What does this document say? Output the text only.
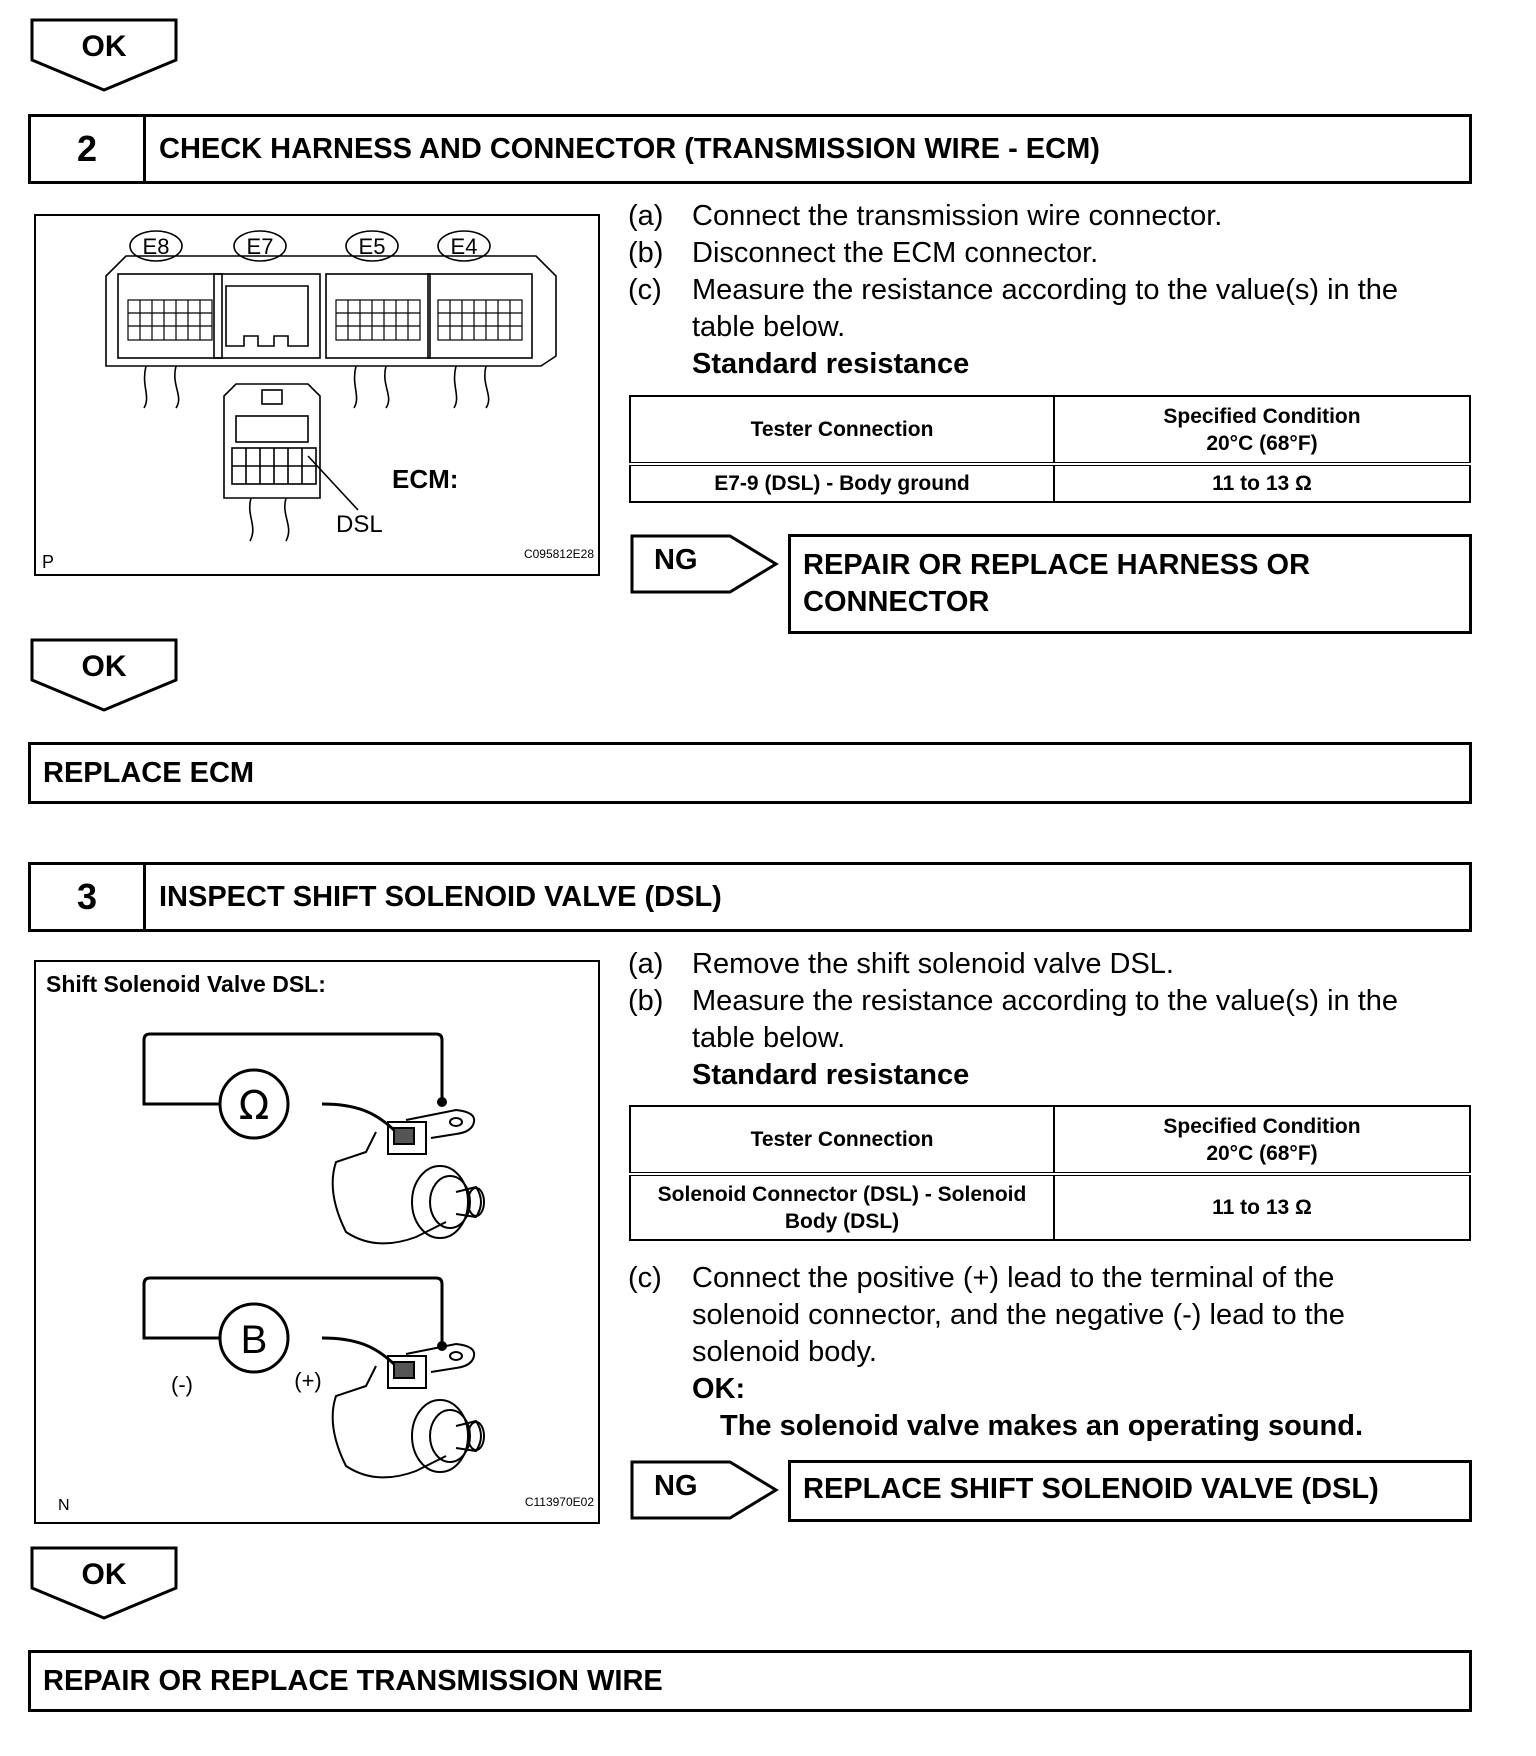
OK
2	CHECK HARNESS AND CONNECTOR (TRANSMISSION WIRE - ECM)
E8	E7	E5	E4
ECM:
DSL
P	C095812E28
(a) Connect the transmission wire connector.
(b) Disconnect the ECM connector.
(c)	Measure the resistance according to the value(s) in the
table below.
Standard resistance
Tester Connection	Specified Condition
20°C (68°F)
E7-9 (DSL) - Body ground	11 to 13 Ω
NG	REPAIR OR REPLACE HARNESS OR
CONNECTOR
OK
REPLACE ECM
3	INSPECT SHIFT SOLENOID VALVE (DSL)
Shift Solenoid Valve DSL:
Ω
B
(-)	(+)
N	C113970E02
(a) Remove the shift solenoid valve DSL.
(b) Measure the resistance according to the value(s) in the
table below.
Standard resistance
Tester Connection	Specified Condition
20°C (68°F)
Solenoid Connector (DSL) - Solenoid
Body (DSL)	11 to 13 Ω
(c)	Connect the positive (+) lead to the terminal of the
solenoid connector, and the negative (-) lead to the
solenoid body.
OK:
The solenoid valve makes an operating sound.
NG	REPLACE SHIFT SOLENOID VALVE (DSL)
OK
REPAIR OR REPLACE TRANSMISSION WIRE
